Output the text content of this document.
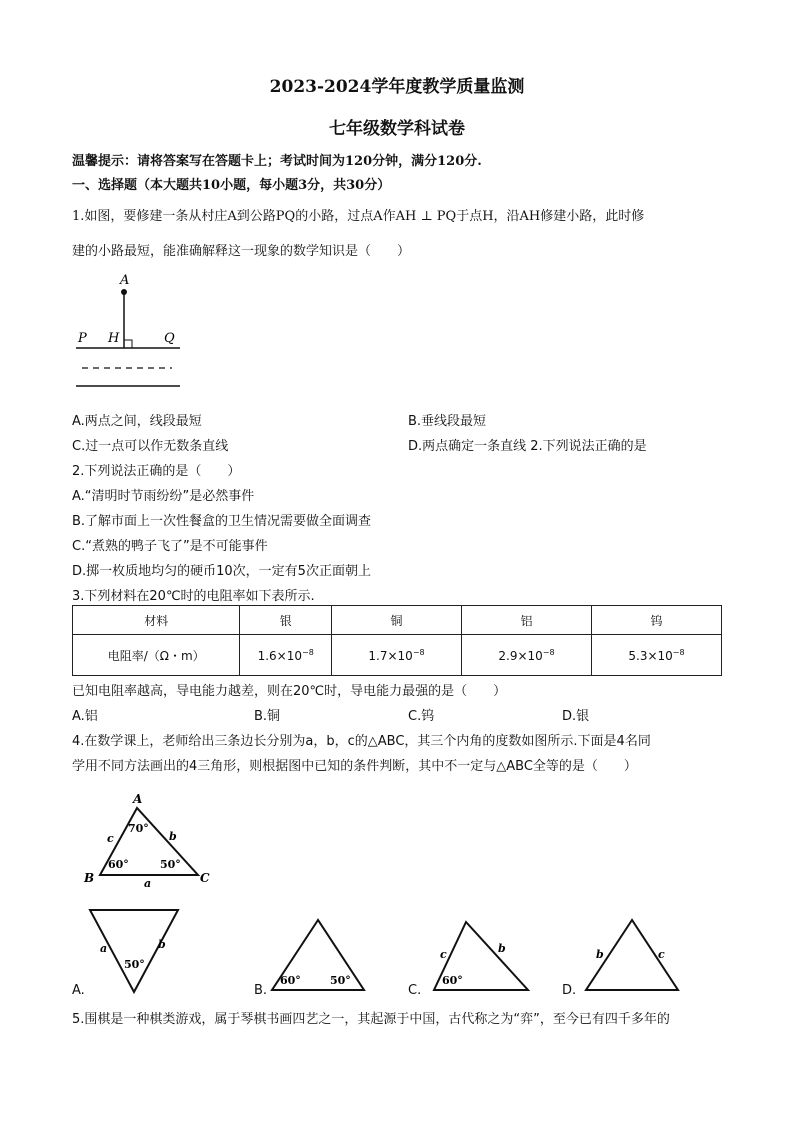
2023-2024学年度教学质量监测
七年级数学科试卷
温馨提示：请将答案写在答题卡上；考试时间为120分钟，满分120分.
一、选择题（本大题共10小题，每小题3分，共30分）
1.如图，要修建一条从村庄A到公路PQ的小路，过点A作AH ⊥ PQ于点H，沿AH修建小路，此时修
建的小路最短，能准确解释这一现象的数学知识是（　　）
A
P H	Q
A.两点之间，线段最短	B.垂线段最短
C.过一点可以作无数条直线	D.两点确定一条直线 2.下列说法正确的是
2.下列说法正确的是（　　）
A.“清明时节雨纷纷”是必然事件
B.了解市面上一次性餐盒的卫生情况需要做全面调查
C.“煮熟的鸭子飞了”是不可能事件
D.掷一枚质地均匀的硬币10次，一定有5次正面朝上
3.下列材料在20℃时的电阻率如下表所示.
材料	银	铜	铝	钨
电阻率/（Ω・m）	$1.6\times 10^{-8}$	$1.7\times 10^{-8}$	$2.9\times 10^{-8}$	$5.3\times 10^{-8}$
已知电阻率越高，导电能力越差，则在20℃时，导电能力最强的是（　　）
A.铝	B.铜	C.钨	D.银
4.在数学课上，老师给出三条边长分别为a，b，c的△ABC，其三个内角的度数如图所示.下面是4名同
学用不同方法画出的4三角形，则根据图中已知的条件判断，其中不一定与△ABC全等的是（　　）
A
B	C
70°
60°	50°
c	b
a
A.
a	b
50°
B.
60°	50°
C.
c	b
60°
D.
b	c
5.围棋是一种棋类游戏，属于琴棋书画四艺之一，其起源于中国，古代称之为“弈”，至今已有四千多年的
